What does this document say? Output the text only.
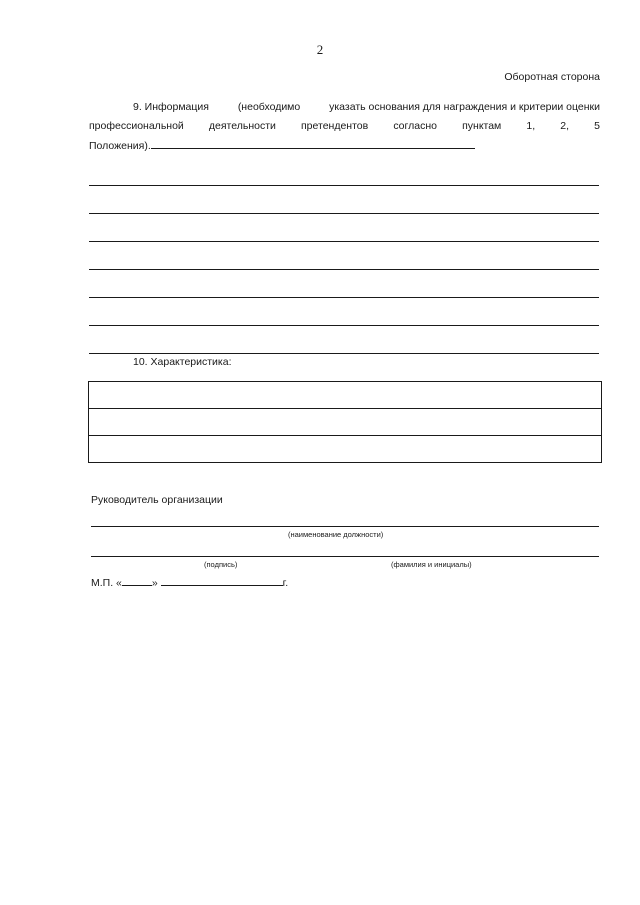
2
Оборотная сторона
9. Информация	(необходимо	указать основания для награждения и критерии оценки
профессиональной деятельности претендентов согласно пунктам 1, 2, 5
Положения).
10. Характеристика:

Руководитель организации
(наименование должности)
(подпись)	(фамилия и инициалы)
М.П. «	»	г.
